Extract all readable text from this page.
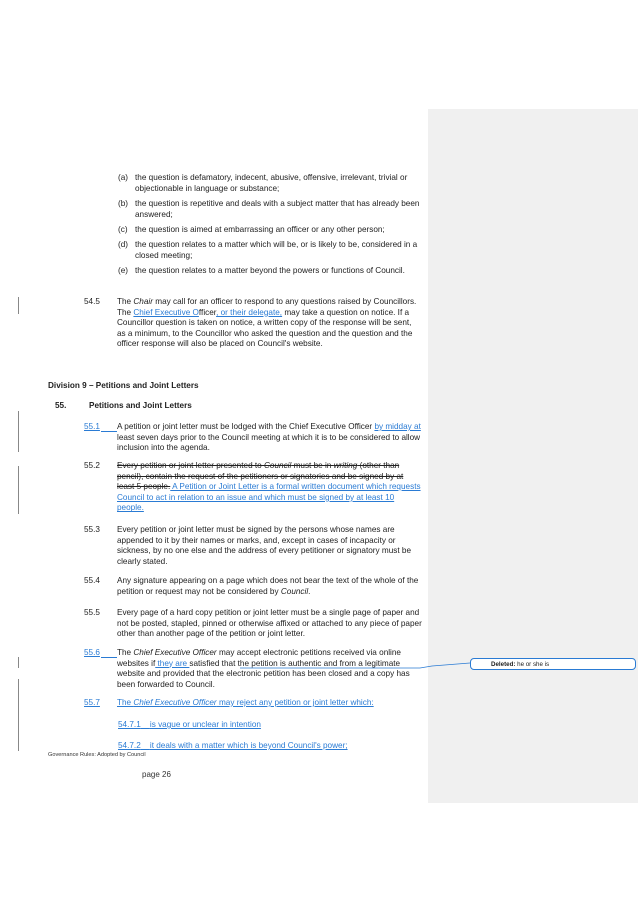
(a) the question is defamatory, indecent, abusive, offensive, irrelevant, trivial or objectionable in language or substance;
(b) the question is repetitive and deals with a subject matter that has already been answered;
(c) the question is aimed at embarrassing an officer or any other person;
(d) the question relates to a matter which will be, or is likely to be, considered in a closed meeting;
(e) the question relates to a matter beyond the powers or functions of Council.
54.5 The Chair may call for an officer to respond to any questions raised by Councillors. The Chief Executive Officer, or their delegate, may take a question on notice. If a Councillor question is taken on notice, a written copy of the response will be sent, as a minimum, to the Councillor who asked the question and the question and the officer response will also be placed on Council's website.
Division 9 – Petitions and Joint Letters
55.	Petitions and Joint Letters
55.1 A petition or joint letter must be lodged with the Chief Executive Officer by midday at least seven days prior to the Council meeting at which it is to be considered to allow inclusion into the agenda.
55.2 Every petition or joint letter presented to Council must be in writing (other than pencil), contain the request of the petitioners or signatories and be signed by at least 5 people. A Petition or Joint Letter is a formal written document which requests Council to act in relation to an issue and which must be signed by at least 10 people.
55.3 Every petition or joint letter must be signed by the persons whose names are appended to it by their names or marks, and, except in cases of incapacity or sickness, by no one else and the address of every petitioner or signatory must be clearly stated.
55.4 Any signature appearing on a page which does not bear the text of the whole of the petition or request may not be considered by Council.
55.5 Every page of a hard copy petition or joint letter must be a single page of paper and not be posted, stapled, pinned or otherwise affixed or attached to any piece of paper other than another page of the petition or joint letter.
55.6 The Chief Executive Officer may accept electronic petitions received via online websites if they are satisfied that the petition is authentic and from a legitimate website and provided that the electronic petition has been closed and a copy has been forwarded to Council.
Deleted: he or she is
55.7 The Chief Executive Officer may reject any petition or joint letter which:
54.7.1 is vague or unclear in intention
54.7.2 it deals with a matter which is beyond Council's power;
Governance Rules: Adopted by Council
page 26
